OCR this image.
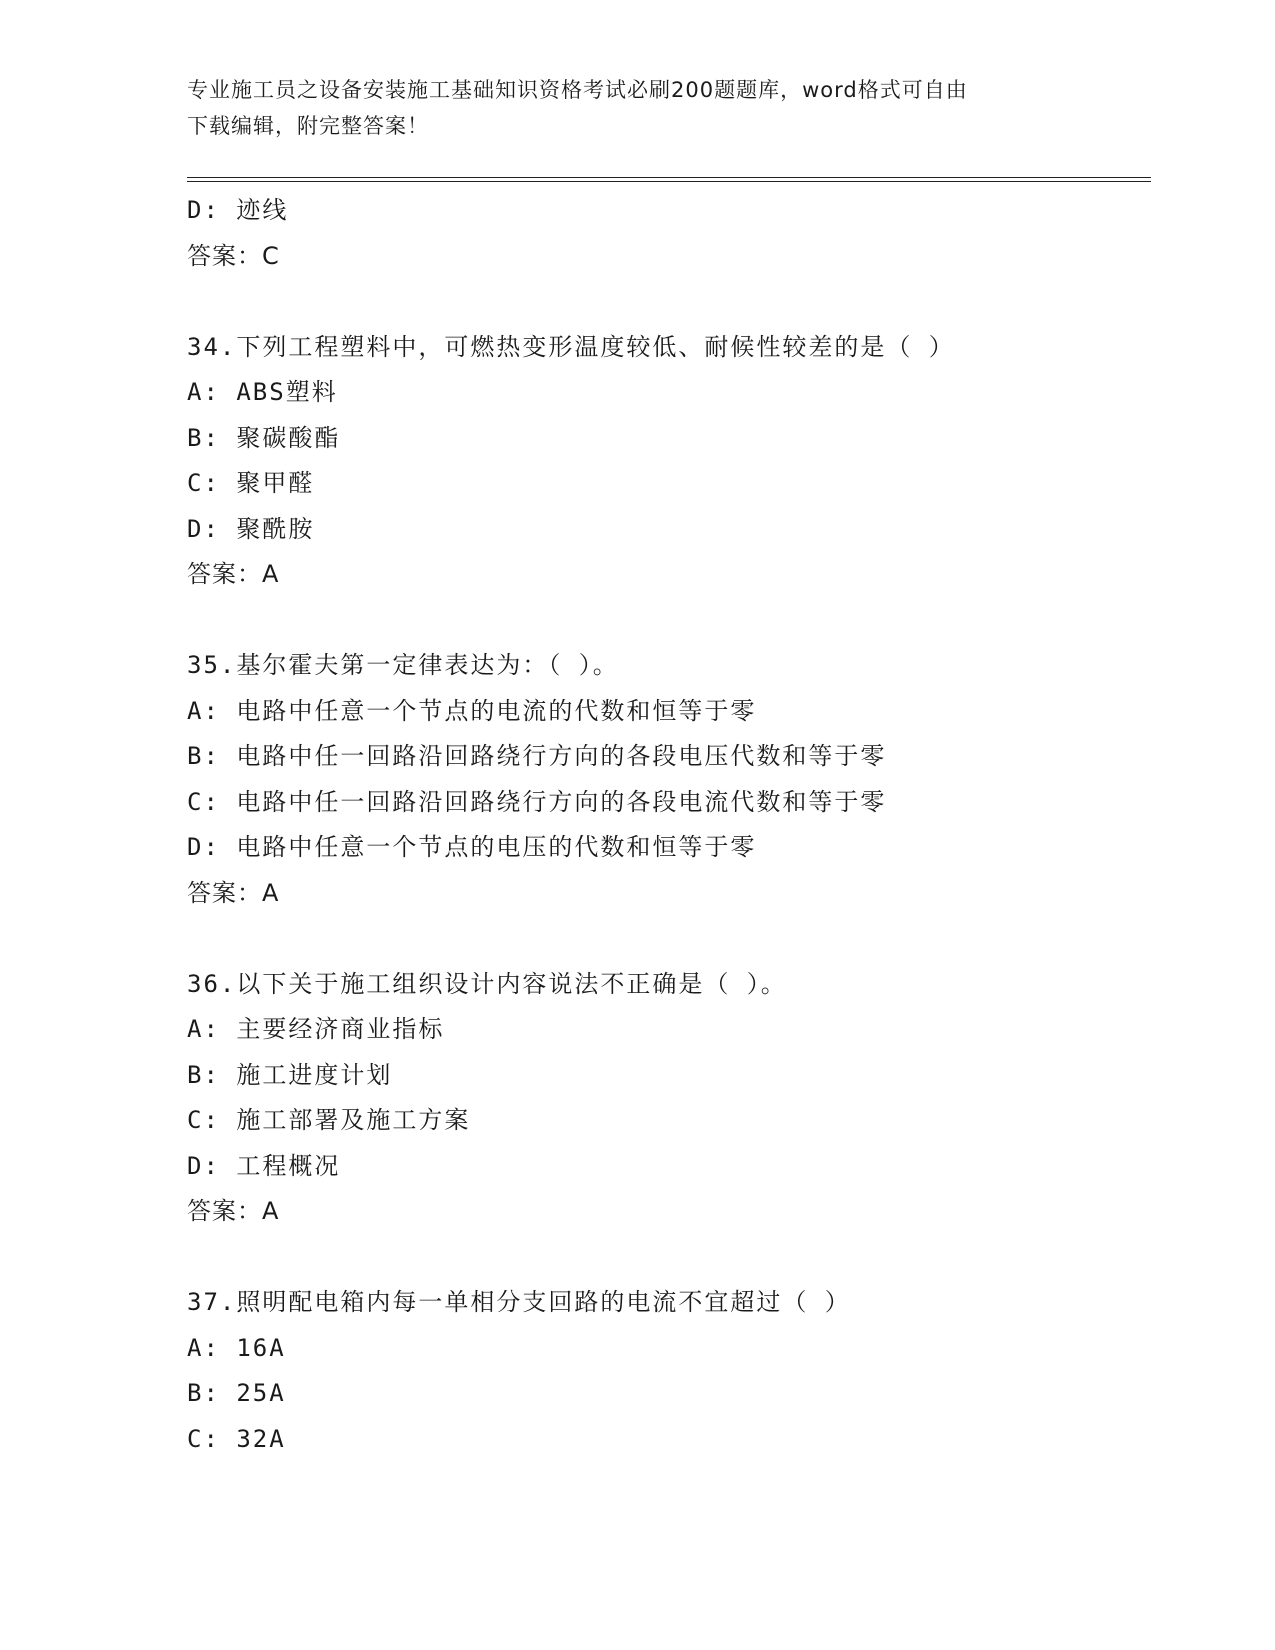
专业施工员之设备安装施工基础知识资格考试必刷200题题库，word格式可自由
下载编辑，附完整答案！
D: 迹线
答案：C
34.下列工程塑料中，可燃热变形温度较低、耐候性较差的是（ ）
A: ABS塑料
B: 聚碳酸酯
C: 聚甲醛
D: 聚酰胺
答案：A
35.基尔霍夫第一定律表达为：（ ）。
A: 电路中任意一个节点的电流的代数和恒等于零
B: 电路中任一回路沿回路绕行方向的各段电压代数和等于零
C: 电路中任一回路沿回路绕行方向的各段电流代数和等于零
D: 电路中任意一个节点的电压的代数和恒等于零
答案：A
36.以下关于施工组织设计内容说法不正确是（ ）。
A: 主要经济商业指标
B: 施工进度计划
C: 施工部署及施工方案
D: 工程概况
答案：A
37.照明配电箱内每一单相分支回路的电流不宜超过（ ）
A: 16A
B: 25A
C: 32A
